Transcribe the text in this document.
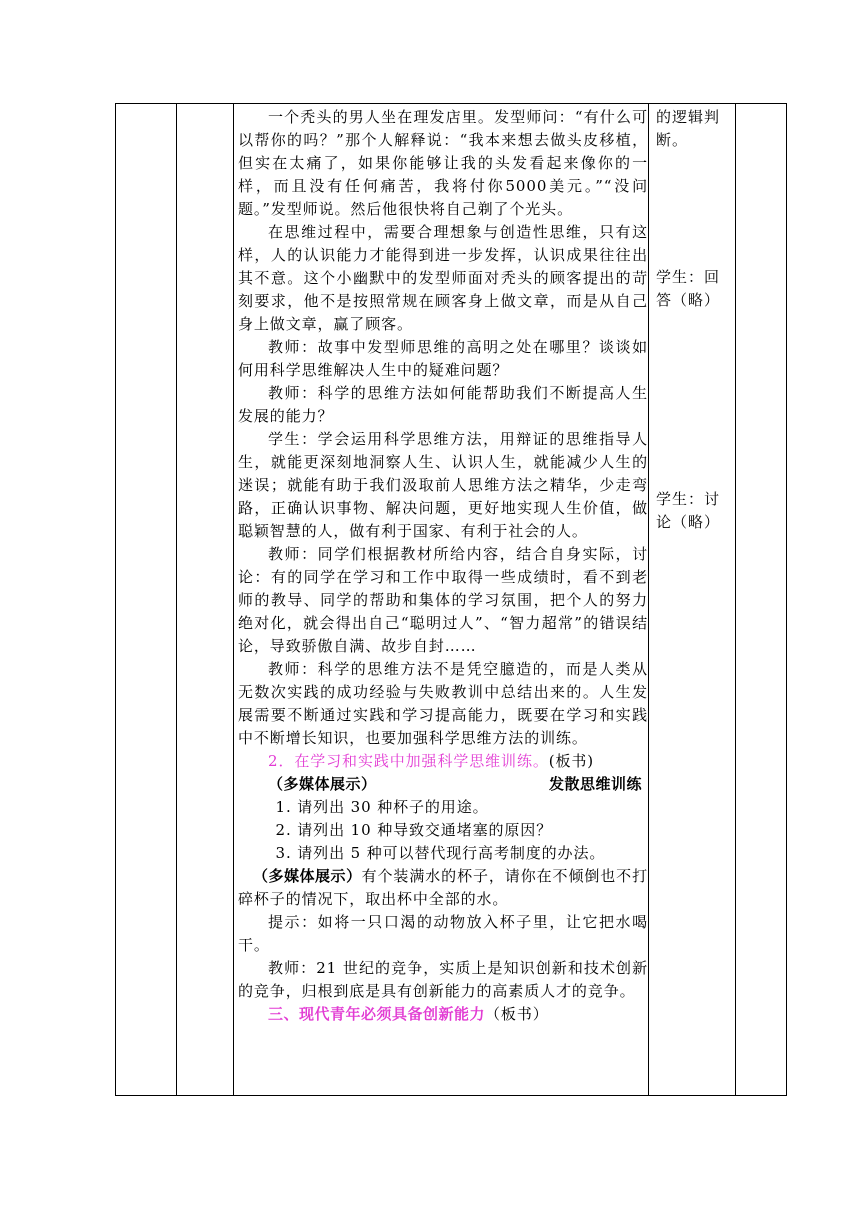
一个秃头的男人坐在理发店里。发型师问：“有什么可以帮你的吗？”那个人解释说：“我本来想去做头皮移植，但实在太痛了，如果你能够让我的头发看起来像你的一样，而且没有任何痛苦，我将付你5000美元。”“没问题。”发型师说。然后他很快将自己剃了个光头。

在思维过程中，需要合理想象与创造性思维，只有这样，人的认识能力才能得到进一步发挥，认识成果往往出其不意。这个小幽默中的发型师面对秃头的顾客提出的苛刻要求，他不是按照常规在顾客身上做文章，而是从自己身上做文章，赢了顾客。

教师：故事中发型师思维的高明之处在哪里？谈谈如何用科学思维解决人生中的疑难问题？

教师：科学的思维方法如何能帮助我们不断提高人生发展的能力？

学生：学会运用科学思维方法，用辩证的思维指导人生，就能更深刻地洞察人生、认识人生，就能减少人生的迷误；就能有助于我们汲取前人思维方法之精华，少走弯路，正确认识事物、解决问题，更好地实现人生价值，做聪颖智慧的人，做有利于国家、有利于社会的人。

教师：同学们根据教材所给内容，结合自身实际，讨论：有的同学在学习和工作中取得一些成绩时，看不到老师的教导、同学的帮助和集体的学习氛围，把个人的努力绝对化，就会得出自己“聪明过人”、“智力超常”的错误结论，导致骄傲自满、故步自封……

教师：科学的思维方法不是凭空臆造的，而是人类从无数次实践的成功经验与失败教训中总结出来的。人生发展需要不断通过实践和学习提高能力，既要在学习和实践中不断增长知识，也要加强科学思维方法的训练。

2．在学习和实践中加强科学思维训练。(板书)

（多媒体展示）	发散思维训练

1. 请列出 30 种杯子的用途。

2. 请列出 10 种导致交通堵塞的原因？

3. 请列出 5 种可以替代现行高考制度的办法。

（多媒体展示）有个装满水的杯子，请你在不倾倒也不打碎杯子的情况下，取出杯中全部的水。

提示：如将一只口渴的动物放入杯子里，让它把水喝干。

教师：21 世纪的竞争，实质上是知识创新和技术创新的竞争，归根到底是具有创新能力的高素质人才的竞争。

三、现代青年必须具备创新能力（板书）

的逻辑判断。

学生：回答（略）

学生：讨论（略）
